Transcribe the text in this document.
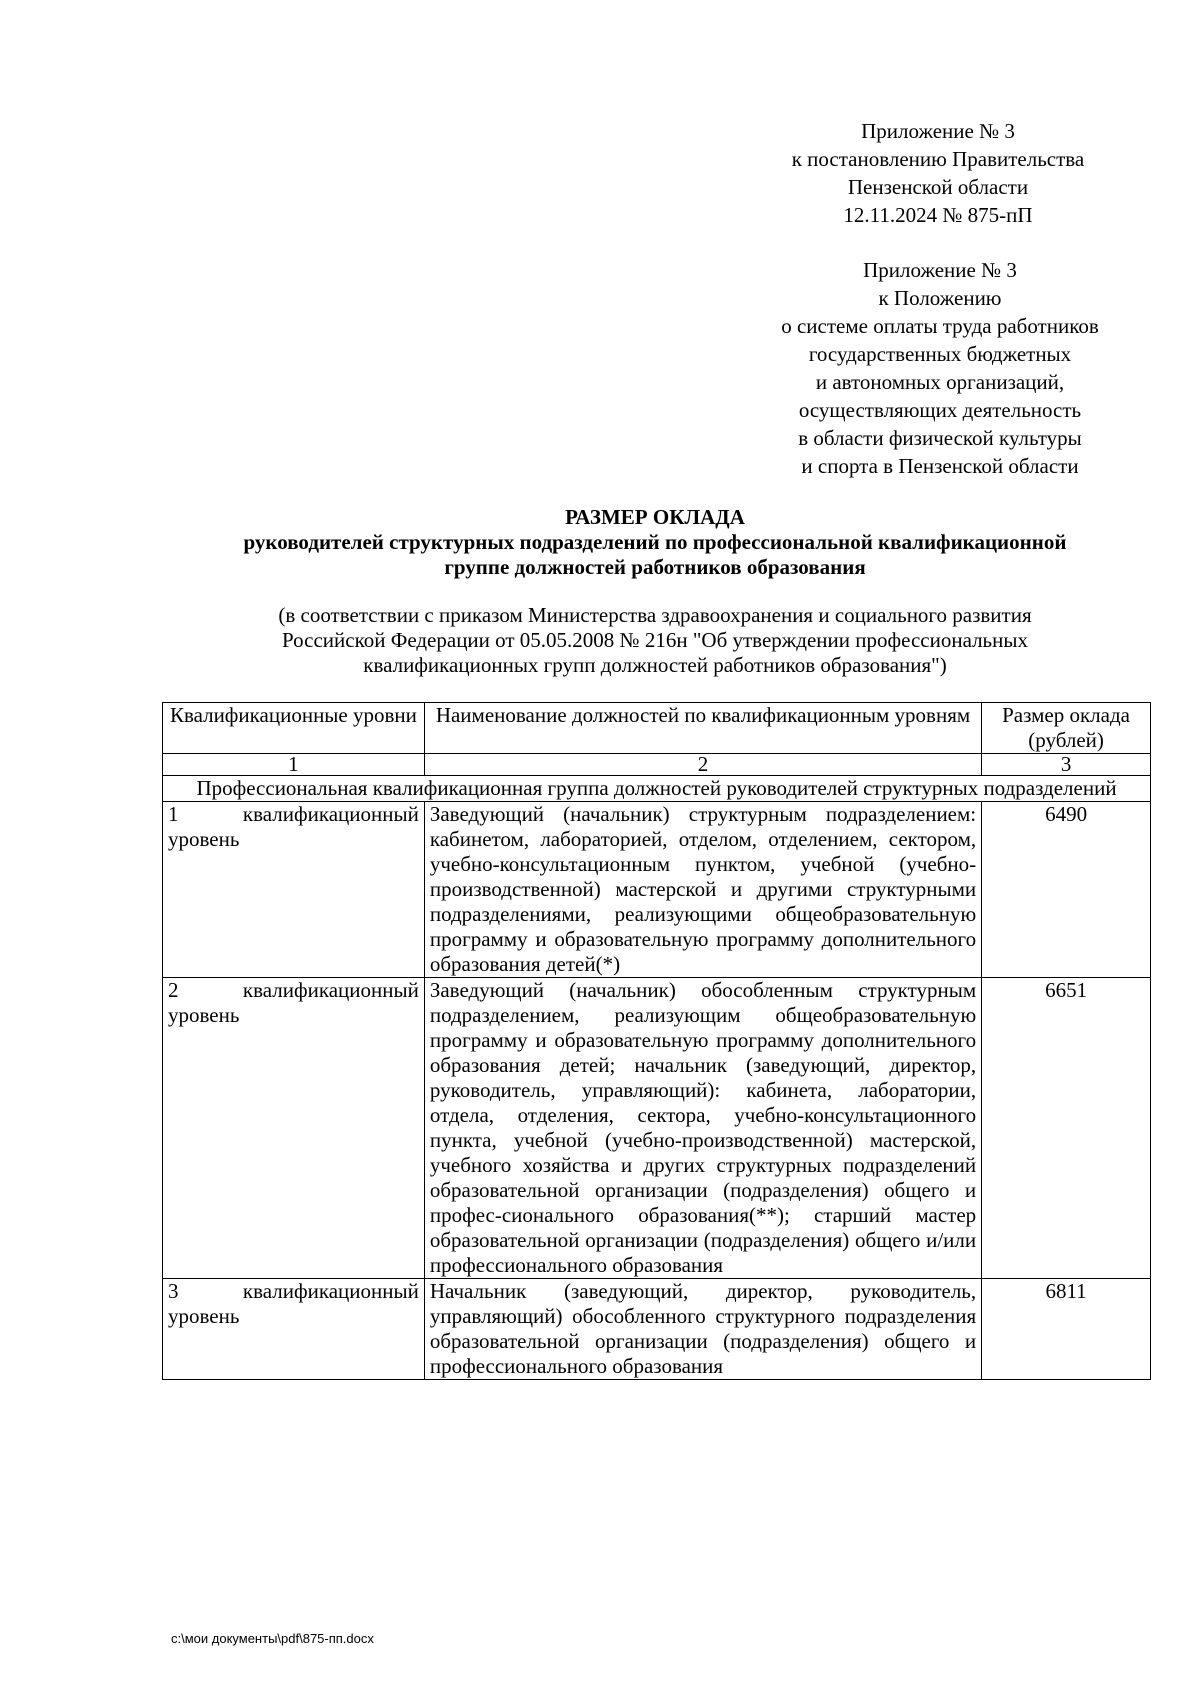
Приложение № 3
к постановлению Правительства
Пензенской области
12.11.2024 № 875-пП
Приложение № 3
к Положению
о системе оплаты труда работников
государственных бюджетных
и автономных организаций,
осуществляющих деятельность
в области физической культуры
и спорта в Пензенской области
РАЗМЕР ОКЛАДА
руководителей структурных подразделений по профессиональной квалификационной
группе должностей работников образования
(в соответствии с приказом Министерства здравоохранения и социального развития
Российской Федерации от 05.05.2008 № 216н "Об утверждении профессиональных
квалификационных групп должностей работников образования")
Квалификационные уровни	Наименование должностей по квалификационным уровням	Размер оклада (рублей)
1	2	3
Профессиональная квалификационная группа должностей руководителей структурных подразделений		
1 квалификационный уровень	Заведующий (начальник) структурным подразделением: кабинетом, лабораторией, отделом, отделением, сектором, учебно-консультационным пунктом, учебной (учебно-производственной) мастерской и другими структурными подразделениями, реализующими общеобразовательную программу и образовательную программу дополнительного образования детей(*)	6490
2 квалификационный уровень	Заведующий (начальник) обособленным структурным подразделением, реализующим общеобразовательную программу и образовательную программу дополнительного образования детей; начальник (заведующий, директор, руководитель, управляющий): кабинета, лаборатории, отдела, отделения, сектора, учебно-консультационного пункта, учебной (учебно-производственной) мастерской, учебного хозяйства и других структурных подразделений образовательной организации (подразделения) общего и профес-сионального образования(**); старший мастер образовательной организации (подразделения) общего и/или профессионального образования	6651
3 квалификационный уровень	Начальник (заведующий, директор, руководитель, управляющий) обособленного структурного подразделения образовательной организации (подразделения) общего и профессионального образования	6811
c:\мои документы\pdf\875-пп.docx
